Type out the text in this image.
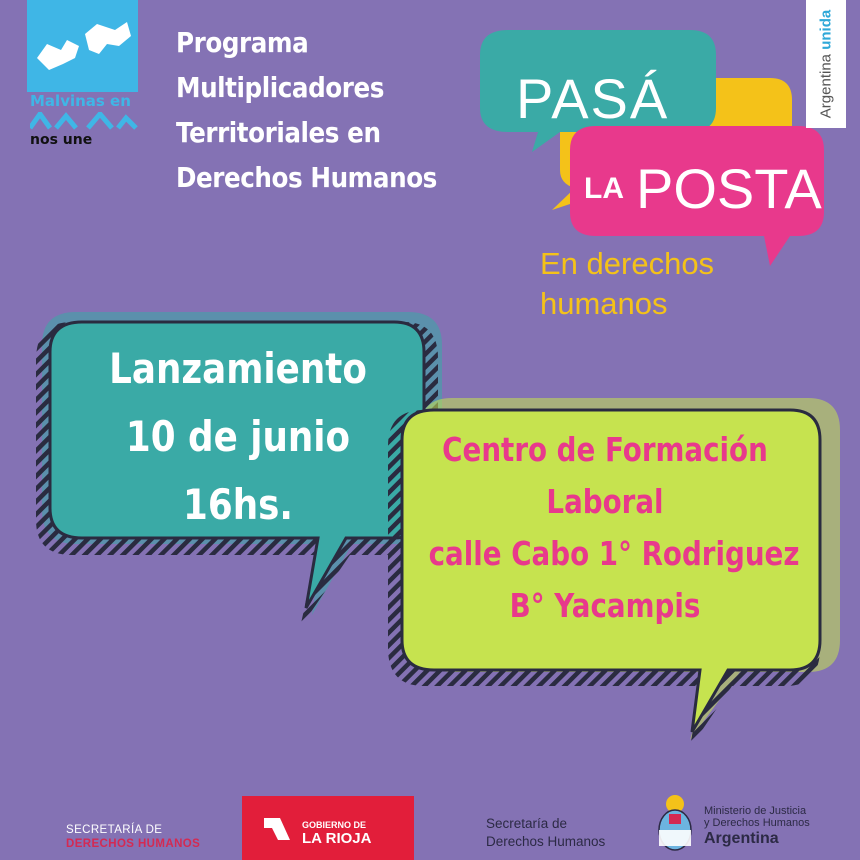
Malvinas en
nos une
Programa
Multiplicadores
Territoriales en
Derechos Humanos
Argentina unida
PASÁ
LA POSTA
En derechos
humanos
Lanzamiento
10 de junio
16hs.
Centro de Formación
Laboral
calle Cabo 1° Rodriguez
B° Yacampis
SECRETARÍA DE
DERECHOS HUMANOS
GOBIERNO DE
LA RIOJA
Secretaría de
Derechos Humanos
Ministerio de Justicia
y Derechos Humanos
Argentina
